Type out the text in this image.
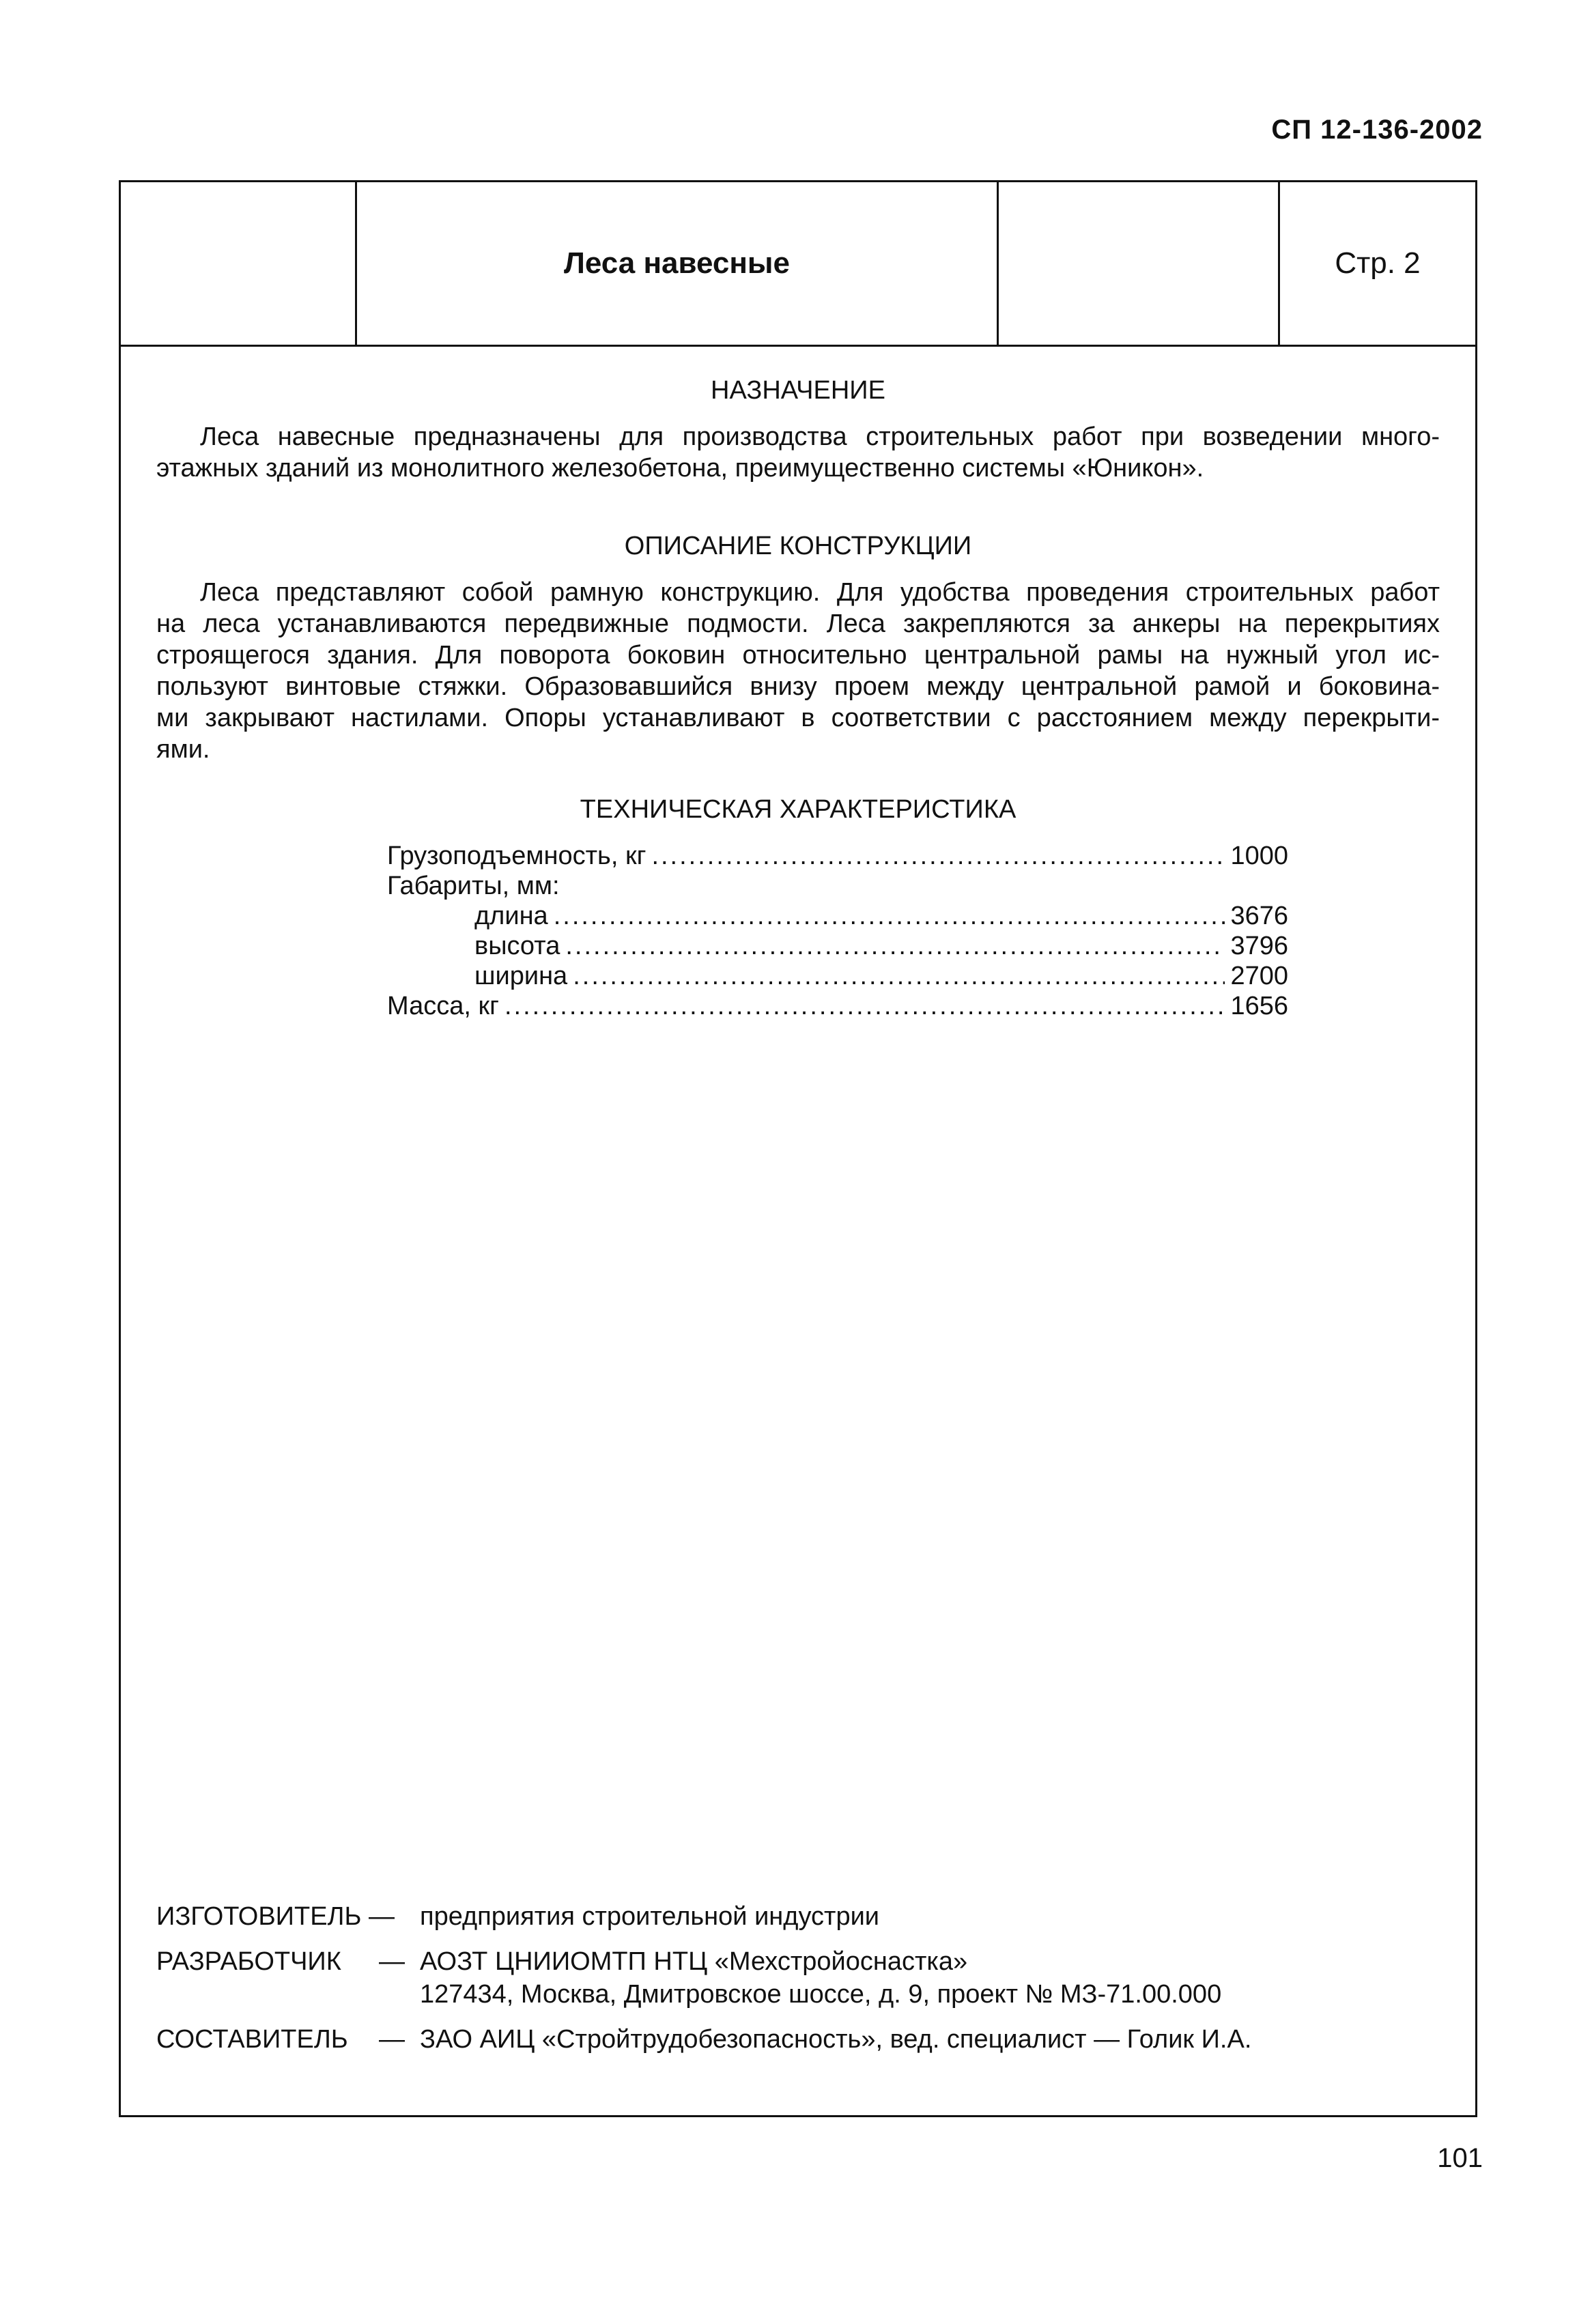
СП 12-136-2002
Леса навесные	Стр. 2
НАЗНАЧЕНИЕ
Леса навесные предназначены для производства строительных работ при возведении много-
этажных зданий из монолитного железобетона, преимущественно системы «Юникон».
ОПИСАНИЕ КОНСТРУКЦИИ
Леса представляют собой рамную конструкцию. Для удобства проведения строительных работ
на леса устанавливаются передвижные подмости. Леса закрепляются за анкеры на перекрытиях
строящегося здания. Для поворота боковин относительно центральной рамы на нужный угол ис-
пользуют винтовые стяжки. Образовавшийся внизу проем между центральной рамой и боковина-
ми закрывают настилами. Опоры устанавливают в соответствии с расстоянием между перекрыти-
ями.
ТЕХНИЧЕСКАЯ ХАРАКТЕРИСТИКА
Грузоподъемность, кг .....	1000
Габариты, мм:
длина .....	3676
высота .....	3796
ширина .....	2700
Масса, кг .....	1656
ИЗГОТОВИТЕЛЬ — предприятия строительной индустрии
РАЗРАБОТЧИК	— АОЗТ ЦНИИОМТП НТЦ «Мехстройоснастка»
127434, Москва, Дмитровское шоссе, д. 9, проект № МЗ-71.00.000
СОСТАВИТЕЛЬ	— ЗАО АИЦ «Стройтрудобезопасность», вед. специалист — Голик И.А.
101
